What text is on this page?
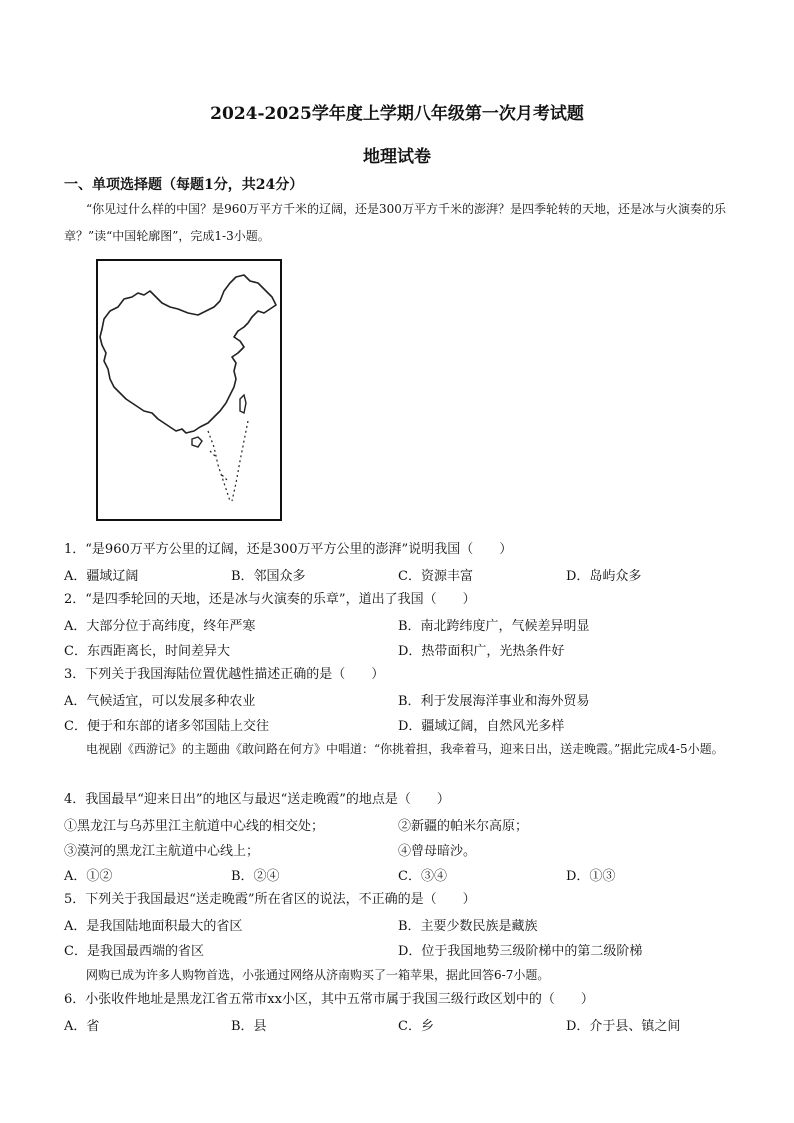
2024-2025学年度上学期八年级第一次月考试题
地理试卷
一、单项选择题（每题1分，共24分）
“你见过什么样的中国？是960万平方千米的辽阔，还是300万平方千米的澎湃？是四季轮转的天地，还是冰与火演奏的乐章？”读“中国轮廓图”，完成1-3小题。
1．“是960万平方公里的辽阔，还是300万平方公里的澎湃”说明我国（　　）
A．疆域辽阔	B．邻国众多	C．资源丰富	D．岛屿众多
2．“是四季轮回的天地，还是冰与火演奏的乐章”，道出了我国（　　）
A．大部分位于高纬度，终年严寒	B．南北跨纬度广，气候差异明显
C．东西距离长，时间差异大	D．热带面积广，光热条件好
3．下列关于我国海陆位置优越性描述正确的是（　　）
A．气候适宜，可以发展多种农业	B．利于发展海洋事业和海外贸易
C．便于和东部的诸多邻国陆上交往	D．疆域辽阔，自然风光多样
电视剧《西游记》的主题曲《敢问路在何方》中唱道：“你挑着担，我牵着马，迎来日出，送走晚霞。”据此完成4-5小题。
4．我国最早“迎来日出”的地区与最迟“送走晚霞”的地点是（　　）
①黑龙江与乌苏里江主航道中心线的相交处；	②新疆的帕米尔高原；
③漠河的黑龙江主航道中心线上；	④曾母暗沙。
A．①②	B．②④	C．③④	D．①③
5．下列关于我国最迟“送走晚霞”所在省区的说法，不正确的是（　　）
A．是我国陆地面积最大的省区	B．主要少数民族是藏族
C．是我国最西端的省区	D．位于我国地势三级阶梯中的第二级阶梯
网购已成为许多人购物首选，小张通过网络从济南购买了一箱苹果，据此回答6-7小题。
6．小张收件地址是黑龙江省五常市xx小区，其中五常市属于我国三级行政区划中的（　　）
A．省	B．县	C．乡	D．介于县、镇之间
